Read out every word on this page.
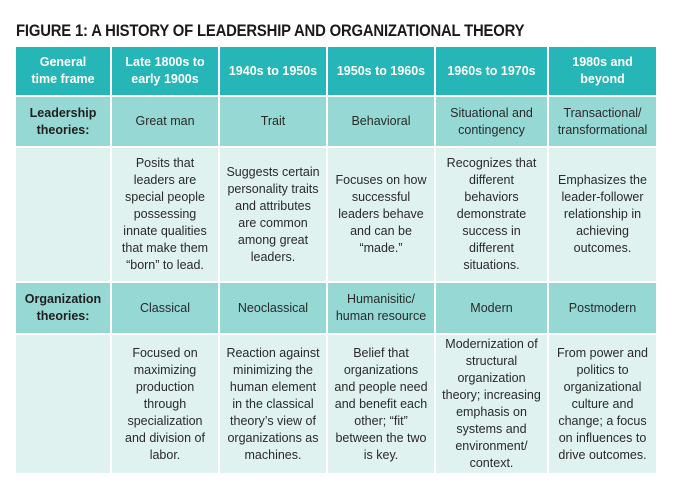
FIGURE 1: A HISTORY OF LEADERSHIP AND ORGANIZATIONAL THEORY
General time frame	Late 1800s to early 1900s	1940s to 1950s	1950s to 1960s	1960s to 1970s	1980s and beyond
Leadership theories:	Great man	Trait	Behavioral	Situational and contingency	Transactional/ transformational
	Posits that leaders are special people possessing innate qualities that make them “born” to lead.	Suggests certain personality traits and attributes are common among great leaders.	Focuses on how successful leaders behave and can be “made.”	Recognizes that different behaviors demonstrate success in different situations.	Emphasizes the leader-follower relationship in achieving outcomes.
Organization theories:	Classical	Neoclassical	Humanisitic/ human resource	Modern	Postmodern
	Focused on maximizing production through specialization and division of labor.	Reaction against minimizing the human element in the classical theory’s view of organizations as machines.	Belief that organizations and people need and benefit each other; “fit” between the two is key.	Modernization of structural organization theory; increasing emphasis on systems and environment/ context.	From power and politics to organizational culture and change; a focus on influences to drive outcomes.
